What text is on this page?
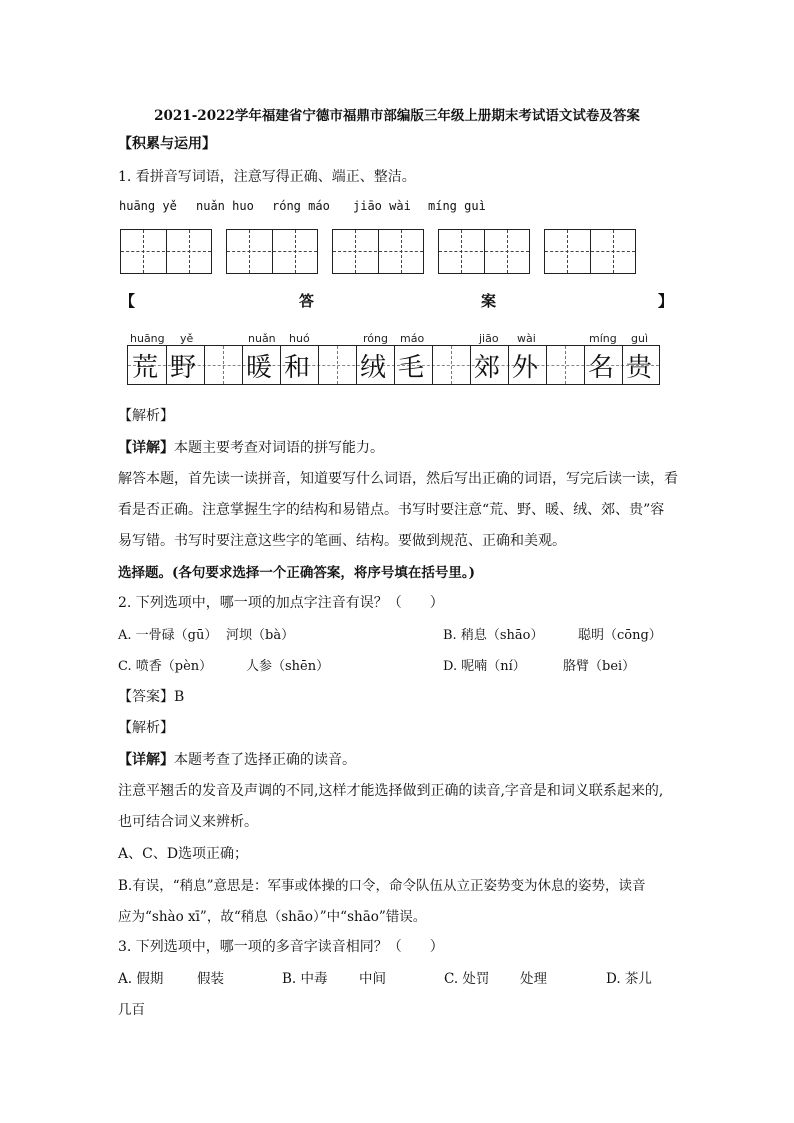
2021-2022学年福建省宁德市福鼎市部编版三年级上册期末考试语文试卷及答案
【积累与运用】
1. 看拼音写词语，注意写得正确、端正、整洁。
huāng yě nuǎn huo róng máo jiāo wài míng guì
【	答	案	】
huāng yě	nuǎn huó	róng máo	jiāo wài	míng guì
荒 野 暖 和 绒 毛 郊 外 名 贵
【解析】
【详解】本题主要考查对词语的拼写能力。
解答本题，首先读一读拼音，知道要写什么词语，然后写出正确的词语，写完后读一读，看
看是否正确。注意掌握生字的结构和易错点。书写时要注意“荒、野、暖、绒、郊、贵”容
易写错。书写时要注意这些字的笔画、结构。要做到规范、正确和美观。
选择题。(各句要求选择一个正确答案，将序号填在括号里。)
2. 下列选项中，哪一项的加点字注音有误？（　　）
A. 一骨碌（gū） 河坝（bà）	B. 稍息（shāo）	聪明（cōng）
C. 喷香（pèn）	人参（shēn）	D. 呢喃（ní）	胳臂（bei）
【答案】B
【解析】
【详解】本题考查了选择正确的读音。
注意平翘舌的发音及声调的不同,这样才能选择做到正确的读音,字音是和词义联系起来的,
也可结合词义来辨析。
A、C、D选项正确；
B.有误，“稍息”意思是：军事或体操的口令，命令队伍从立正姿势变为休息的姿势，读音
应为“shào xī”，故“稍息（shāo）”中“shāo”错误。
3. 下列选项中，哪一项的多音字读音相同？（　　）
A. 假期 假装	B. 中毒 中间	C. 处罚 处理	D. 茶儿
几百
